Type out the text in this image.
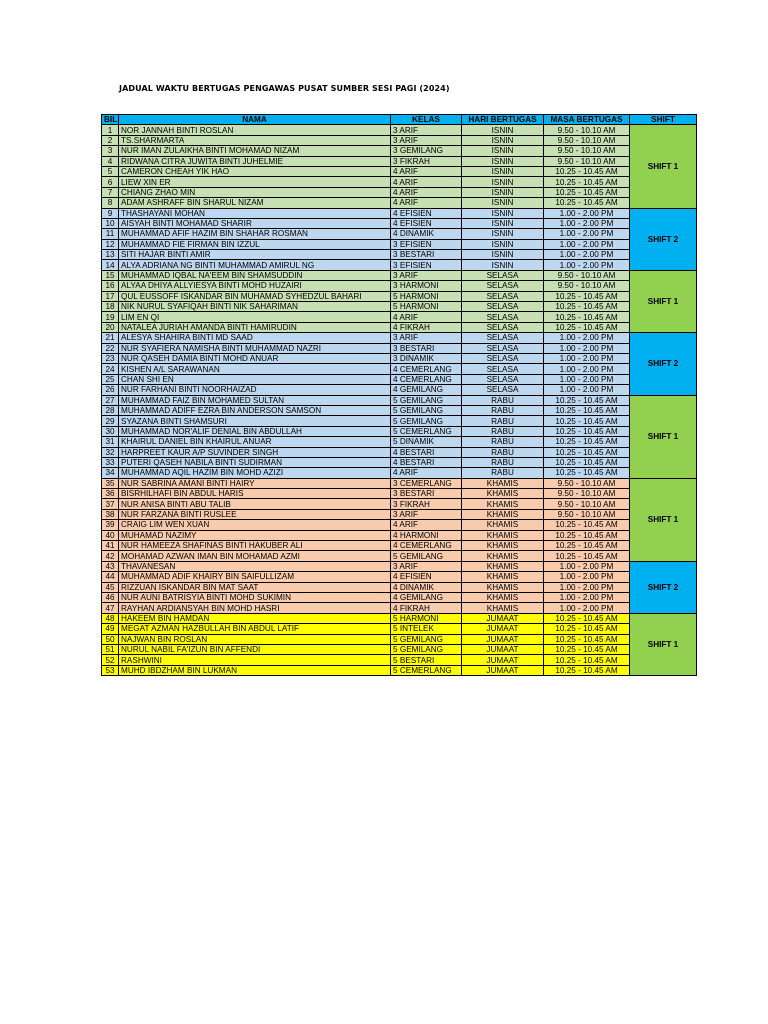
JADUAL WAKTU BERTUGAS PENGAWAS PUSAT SUMBER SESI PAGI (2024)
BIL	NAMA	KELAS	HARI BERTUGAS	MASA BERTUGAS	SHIFT
1	NOR JANNAH BINTI ROSLAN	3 ARIF	ISNIN	9.50 - 10.10 AM	SHIFT 1
2	TS.SHARMARTA	3 ARIF	ISNIN	9.50 - 10.10 AM	
3	NUR IMAN ZULAIKHA BINTI MOHAMAD NIZAM	3 GEMILANG	ISNIN	9.50 - 10.10 AM	
4	RIDWANA CITRA JUWITA BINTI JUHELMIE	3 FIKRAH	ISNIN	9.50 - 10.10 AM	
5	CAMERON CHEAH YIK HAO	4 ARIF	ISNIN	10.25 - 10.45 AM	
6	LIEW XIN ER	4 ARIF	ISNIN	10.25 - 10.45 AM	
7	CHIANG ZHAO MIN	4 ARIF	ISNIN	10.25 - 10.45 AM	
8	ADAM ASHRAFF BIN SHARUL NIZAM	4 ARIF	ISNIN	10.25 - 10.45 AM	
9	THASHAYANI MOHAN	4 EFISIEN	ISNIN	1.00 - 2.00 PM	SHIFT 2
10	AISYAH BINTI MOHAMAD SHARIR	4 EFISIEN	ISNIN	1.00 - 2.00 PM	
11	MUHAMMAD AFIF HAZIM BIN SHAHAR ROSMAN	4 DINAMIK	ISNIN	1.00 - 2.00 PM	
12	MUHAMMAD FIE FIRMAN BIN IZZUL	3 EFISIEN	ISNIN	1.00 - 2.00 PM	
13	SITI HAJAR BINTI AMIR	3 BESTARI	ISNIN	1.00 - 2.00 PM	
14	ALYA ADRIANA NG BINTI MUHAMMAD AMIRUL NG	3 EFISIEN	ISNIN	1.00 - 2.00 PM	
15	MUHAMMAD IQBAL NA'EEM BIN SHAMSUDDIN	3 ARIF	SELASA	9.50 - 10.10 AM	SHIFT 1
16	ALYAA DHIYA ALLYIESYA BINTI MOHD HUZAIRI	3 HARMONI	SELASA	9.50 - 10.10 AM	
17	QUL EUSSOFF ISKANDAR BIN MUHAMAD SYHEDZUL BAHARI	5 HARMONI	SELASA	10.25 - 10.45 AM	
18	NIK NURUL SYAFIQAH BINTI NIK SAHARIMAN	5 HARMONI	SELASA	10.25 - 10.45 AM	
19	LIM EN QI	4 ARIF	SELASA	10.25 - 10.45 AM	
20	NATALEA JURIAH AMANDA BINTI HAMIRUDIN	4 FIKRAH	SELASA	10.25 - 10.45 AM	
21	ALESYA SHAHIRA BINTI MD SAAD	3 ARIF	SELASA	1.00 - 2.00 PM	SHIFT 2
22	NUR SYAFIERA NAMISHA BINTI MUHAMMAD NAZRI	3 BESTARI	SELASA	1.00 - 2.00 PM	
23	NUR QASEH DAMIA BINTI MOHD ANUAR	3 DINAMIK	SELASA	1.00 - 2.00 PM	
24	KISHEN A/L SARAWANAN	4 CEMERLANG	SELASA	1.00 - 2.00 PM	
25	CHAN SHI EN	4 CEMERLANG	SELASA	1.00 - 2.00 PM	
26	NUR FARHANI BINTI NOORHAIZAD	4 GEMILANG	SELASA	1.00 - 2.00 PM	
27	MUHAMMAD FAIZ BIN MOHAMED SULTAN	5 GEMILANG	RABU	10.25 - 10.45 AM	SHIFT 1
28	MUHAMMAD ADIFF EZRA BIN ANDERSON SAMSON	5 GEMILANG	RABU	10.25 - 10.45 AM	
29	SYAZANA BINTI SHAMSURI	5 GEMILANG	RABU	10.25 - 10.45 AM	
30	MUHAMMAD NOR'ALIF DENIAL BIN ABDULLAH	5 CEMERLANG	RABU	10.25 - 10.45 AM	
31	KHAIRUL DANIEL BIN KHAIRUL ANUAR	5 DINAMIK	RABU	10.25 - 10.45 AM	
32	HARPREET KAUR A/P SUVINDER SINGH	4 BESTARI	RABU	10.25 - 10.45 AM	
33	PUTERI QASEH NABILA BINTI SUDIRMAN	4 BESTARI	RABU	10.25 - 10.45 AM	
34	MUHAMMAD AQIL HAZIM BIN MOHD AZIZI	4 ARIF	RABU	10.25 - 10.45 AM	
35	NUR SABRINA AMANI BINTI HAIRY	3 CEMERLANG	KHAMIS	9.50 - 10.10 AM	SHIFT 1
36	BISRHILHAFI BIN ABDUL HARIS	3 BESTARI	KHAMIS	9.50 - 10.10 AM	
37	NUR ANISA BINTI ABU TALIB	3 FIKRAH	KHAMIS	9.50 - 10.10 AM	
38	NUR FARZANA BINTI RUSLEE	3 ARIF	KHAMIS	9.50 - 10.10 AM	
39	CRAIG LIM WEN XUAN	4 ARIF	KHAMIS	10.25 - 10.45 AM	
40	MUHAMAD NAZIMY	4 HARMONI	KHAMIS	10.25 - 10.45 AM	
41	NUR HAMEEZA SHAFINAS BINTI HAKUBER ALI	4 CEMERLANG	KHAMIS	10.25 - 10.45 AM	
42	MOHAMAD AZWAN IMAN BIN MOHAMAD AZMI	5 GEMILANG	KHAMIS	10.25 - 10.45 AM	
43	THAVANESAN	3 ARIF	KHAMIS	1.00 - 2.00 PM	SHIFT 2
44	MUHAMMAD ADIF KHAIRY BIN SAIFULLIZAM	4 EFISIEN	KHAMIS	1.00 - 2.00 PM	
45	RIZZUAN ISKANDAR BIN MAT SAAT	4 DINAMIK	KHAMIS	1.00 - 2.00 PM	
46	NUR AUNI BATRISYIA BINTI MOHD SUKIMIN	4 GEMILANG	KHAMIS	1.00 - 2.00 PM	
47	RAYHAN ARDIANSYAH BIN MOHD HASRI	4 FIKRAH	KHAMIS	1.00 - 2.00 PM	
48	HAKEEM BIN HAMDAN	5 HARMONI	JUMAAT	10.25 - 10.45 AM	SHIFT 1
49	MEGAT AZMAN HAZBULLAH BIN ABDUL LATIF	5 INTELEK	JUMAAT	10.25 - 10.45 AM	
50	NAJWAN BIN ROSLAN	5 GEMILANG	JUMAAT	10.25 - 10.45 AM	
51	NURUL NABIL FA'IZUN BIN AFFENDI	5 GEMILANG	JUMAAT	10.25 - 10.45 AM	
52	RASHWINI	5 BESTARI	JUMAAT	10.25 - 10.45 AM	
53	MUHD IBDZHAM BIN LUKMAN	5 CEMERLANG	JUMAAT	10.25 - 10.45 AM	
